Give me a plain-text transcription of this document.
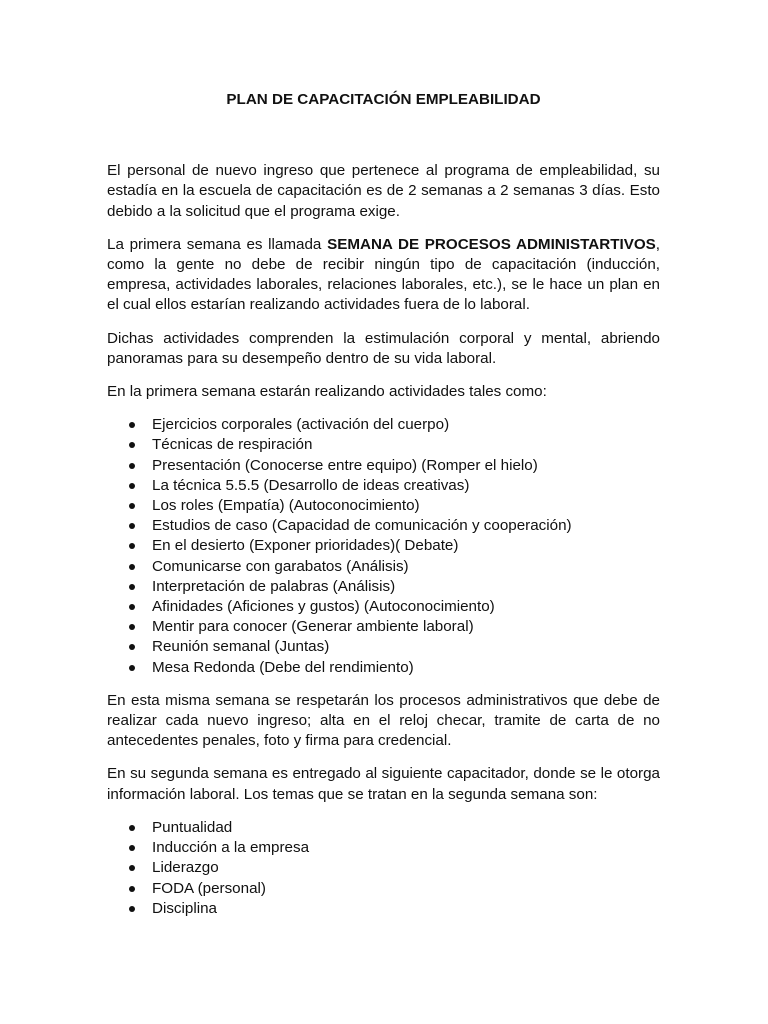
PLAN DE CAPACITACIÓN EMPLEABILIDAD

El personal de nuevo ingreso que pertenece al programa de empleabilidad, su estadía en la escuela de capacitación es de 2 semanas a 2 semanas 3 días. Esto debido a la solicitud que el programa exige.

La primera semana es llamada SEMANA DE PROCESOS ADMINISTARTIVOS, como la gente no debe de recibir ningún tipo de capacitación (inducción, empresa, actividades laborales, relaciones laborales, etc.), se le hace un plan en el cual ellos estarían realizando actividades fuera de lo laboral.

Dichas actividades comprenden la estimulación corporal y mental, abriendo panoramas para su desempeño dentro de su vida laboral.

En la primera semana estarán realizando actividades tales como:

Ejercicios corporales (activación del cuerpo)
Técnicas de respiración
Presentación (Conocerse entre equipo) (Romper el hielo)
La técnica 5.5.5 (Desarrollo de ideas creativas)
Los roles (Empatía) (Autoconocimiento)
Estudios de caso (Capacidad de comunicación y cooperación)
En el desierto (Exponer prioridades)( Debate)
Comunicarse con garabatos (Análisis)
Interpretación de palabras (Análisis)
Afinidades (Aficiones y gustos) (Autoconocimiento)
Mentir para conocer (Generar ambiente laboral)
Reunión semanal (Juntas)
Mesa Redonda (Debe del rendimiento)

En esta misma semana se respetarán los procesos administrativos que debe de realizar cada nuevo ingreso; alta en el reloj checar, tramite de carta de no antecedentes penales, foto y firma para credencial.

En su segunda semana es entregado al siguiente capacitador, donde se le otorga información laboral. Los temas que se tratan en la segunda semana son:

Puntualidad
Inducción a la empresa
Liderazgo
FODA (personal)
Disciplina
